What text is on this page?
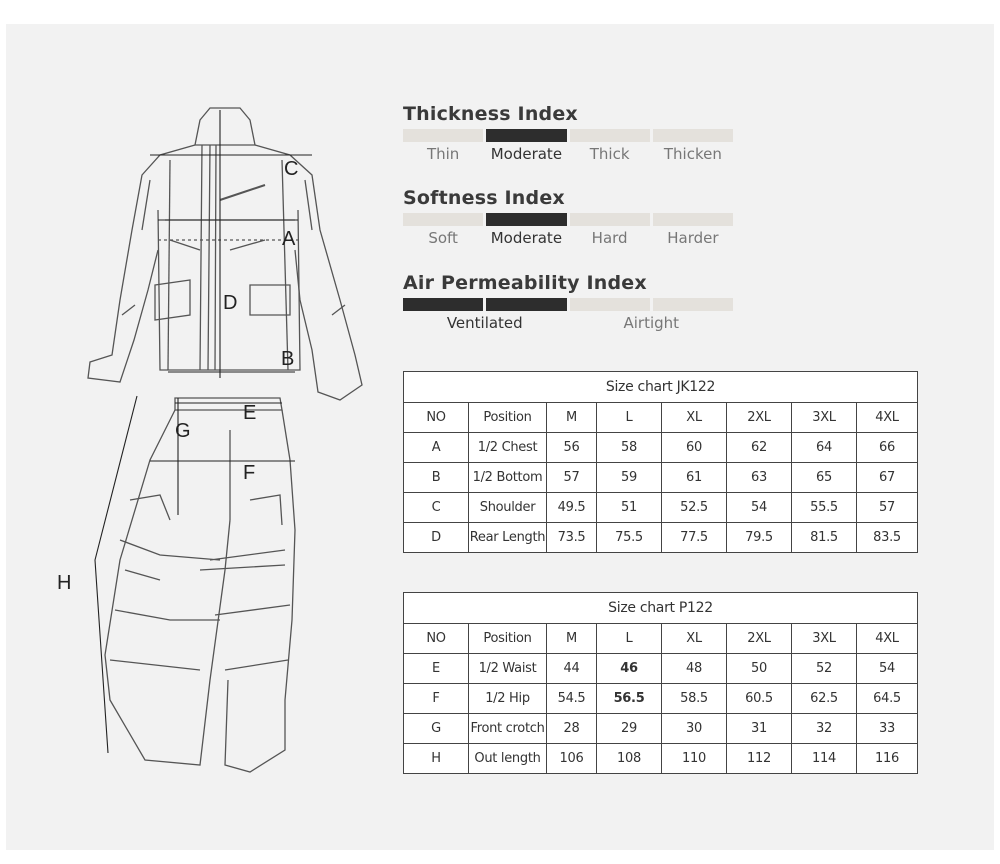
C
A
D
B
E
G
F
H
Thickness Index
Thin	Moderate	Thick	Thicken
Softness Index
Soft	Moderate	Hard	Harder
Air Permeability Index
Ventilated	Airtight
Size chart JK122							
NO	Position	M	L	XL	2XL	3XL	4XL
A	1/2 Chest	56	58	60	62	64	66
B	1/2 Bottom	57	59	61	63	65	67
C	Shoulder	49.5	51	52.5	54	55.5	57
D	Rear Length	73.5	75.5	77.5	79.5	81.5	83.5
Size chart P122							
NO	Position	M	L	XL	2XL	3XL	4XL
E	1/2 Waist	44	46	48	50	52	54
F	1/2 Hip	54.5	56.5	58.5	60.5	62.5	64.5
G	Front crotch	28	29	30	31	32	33
H	Out length	106	108	110	112	114	116
